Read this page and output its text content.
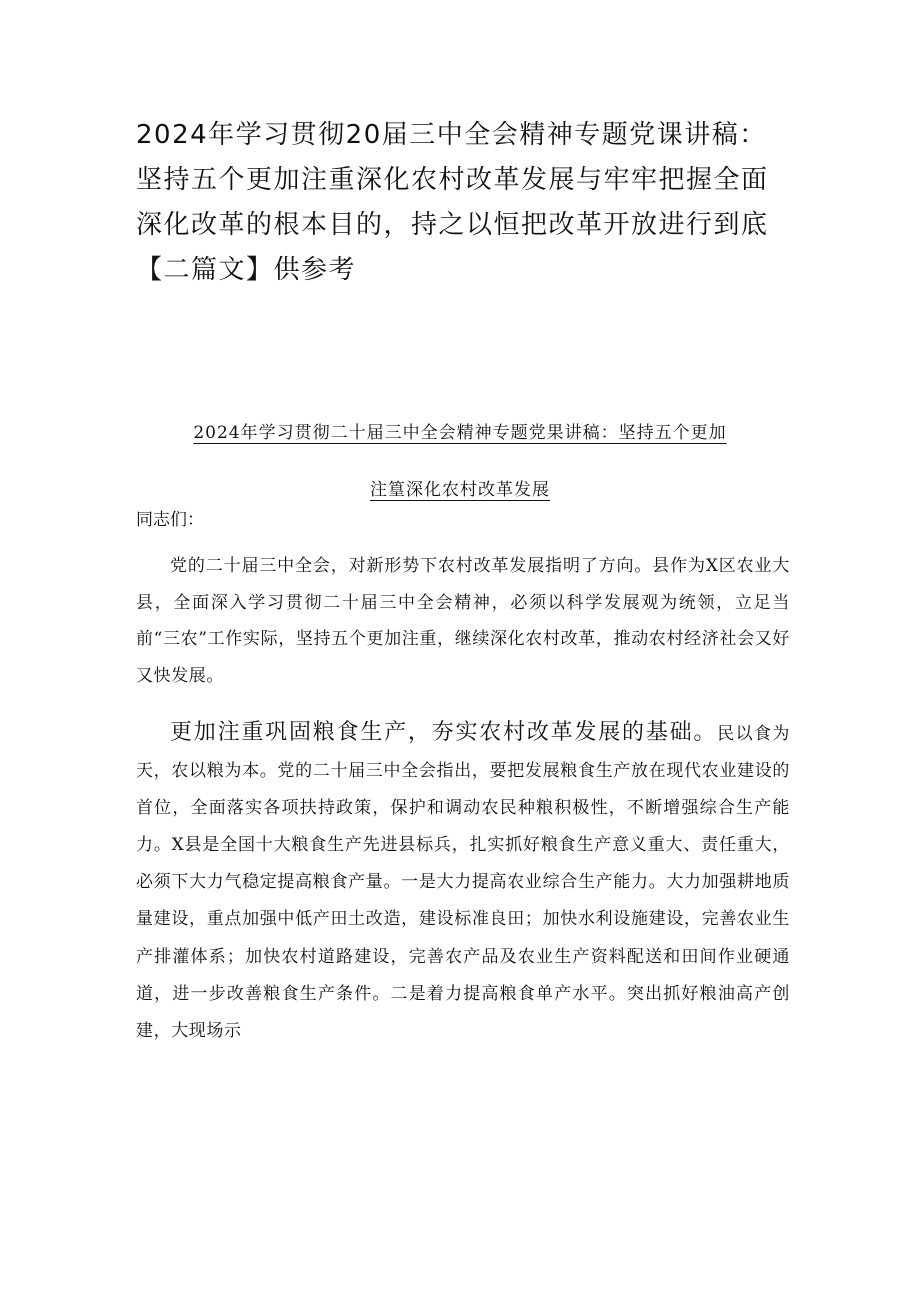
2024年学习贯彻20届三中全会精神专题党课讲稿：坚持五个更加注重深化农村改革发展与牢牢把握全面深化改革的根本目的，持之以恒把改革开放进行到底【二篇文】供参考
2024年学习贯彻二十届三中全会精神专题党果讲稿：坚持五个更加
注篁深化农村改革发展

同志们：

党的二十届三中全会，对新形势下农村改革发展指明了方向。县作为X区农业大县，全面深入学习贯彻二十届三中全会精神，必须以科学发展观为统领，立足当前“三农”工作实际，坚持五个更加注重，继续深化农村改革，推动农村经济社会又好又快发展。

更加注重巩固粮食生产，夯实农村改革发展的基础。民以食为天，农以粮为本。党的二十届三中全会指出，要把发展粮食生产放在现代农业建设的首位，全面落实各项扶持政策，保护和调动农民种粮积极性，不断增强综合生产能力。X县是全国十大粮食生产先进县标兵，扎实抓好粮食生产意义重大、责任重大，必须下大力气稳定提高粮食产量。一是大力提高农业综合生产能力。大力加强耕地质量建设，重点加强中低产田土改造，建设标准良田；加快水利设施建设，完善农业生产排灌体系；加快农村道路建设，完善农产品及农业生产资料配送和田间作业硬通道，进一步改善粮食生产条件。二是着力提高粮食单产水平。突出抓好粮油高产创建，大现场示
